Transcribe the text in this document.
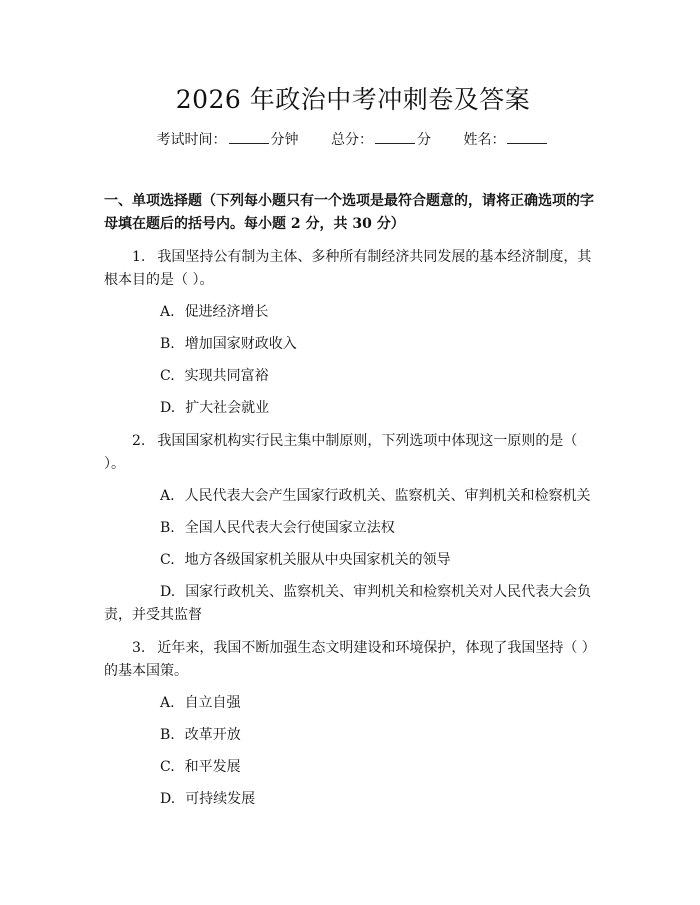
2026 年政治中考冲刺卷及答案
考试时间：	分钟 总分：	分 姓名：
一、单项选择题（下列每小题只有一个选项是最符合题意的，请将正确选项的字母填在题后的括号内。每小题 2 分，共 30 分）
1. 我国坚持公有制为主体、多种所有制经济共同发展的基本经济制度，其根本目的是（ ）。
A. 促进经济增长
B. 增加国家财政收入
C. 实现共同富裕
D. 扩大社会就业
2. 我国国家机构实行民主集中制原则，下列选项中体现这一原则的是（ ）。
A. 人民代表大会产生国家行政机关、监察机关、审判机关和检察机关
B. 全国人民代表大会行使国家立法权
C. 地方各级国家机关服从中央国家机关的领导
D. 国家行政机关、监察机关、审判机关和检察机关对人民代表大会负责，并受其监督
3. 近年来，我国不断加强生态文明建设和环境保护，体现了我国坚持（ ）的基本国策。
A. 自立自强
B. 改革开放
C. 和平发展
D. 可持续发展
